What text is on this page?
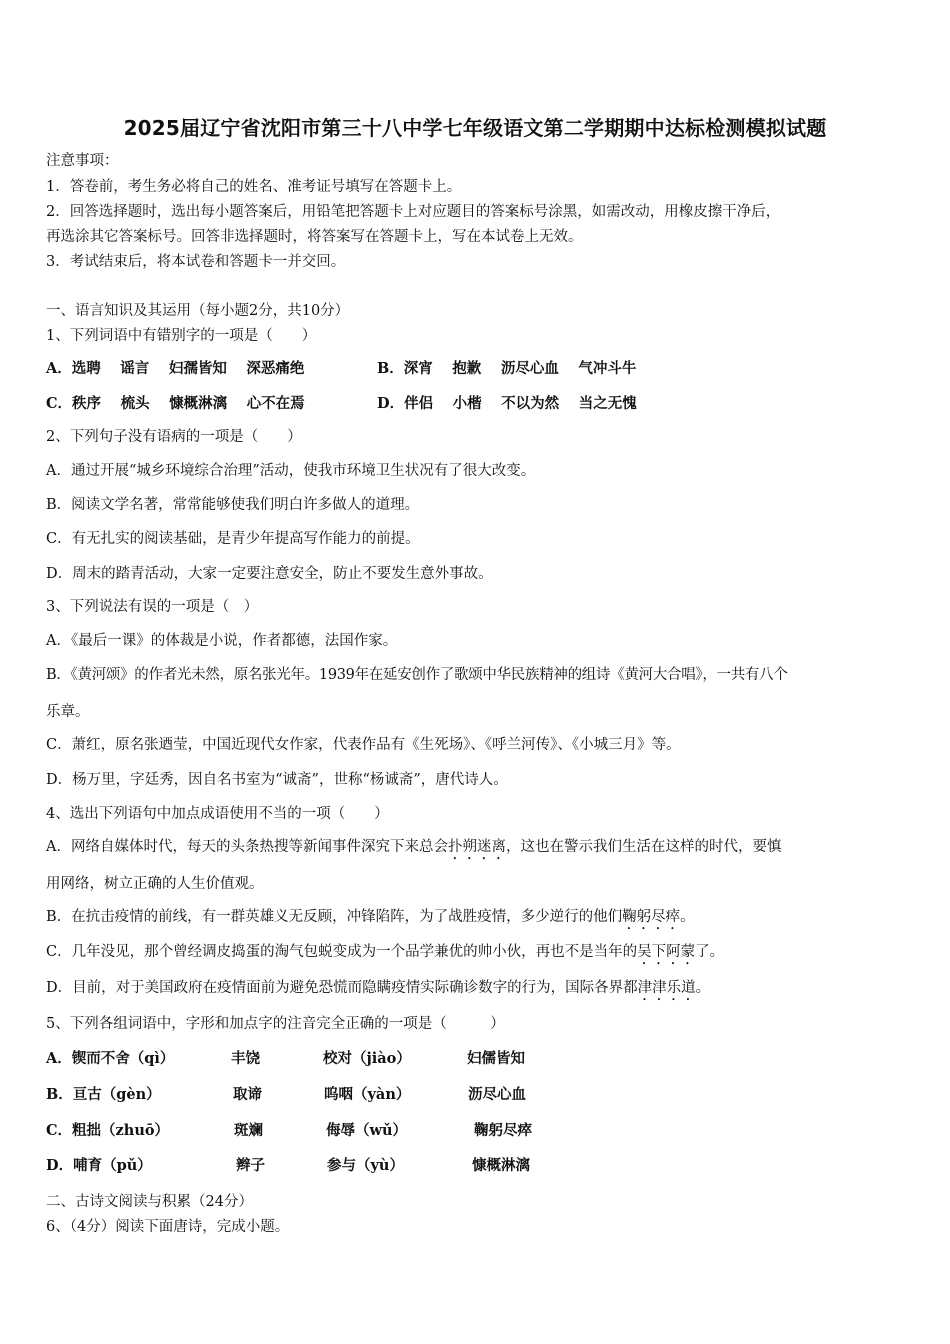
2025届辽宁省沈阳市第三十八中学七年级语文第二学期期中达标检测模拟试题
注意事项：
1．答卷前，考生务必将自己的姓名、准考证号填写在答题卡上。
2．回答选择题时，选出每小题答案后，用铅笔把答题卡上对应题目的答案标号涂黑，如需改动，用橡皮擦干净后，
再选涂其它答案标号。回答非选择题时，将答案写在答题卡上，写在本试卷上无效。
3．考试结束后，将本试卷和答题卡一并交回。
一、语言知识及其运用（每小题2分，共10分）
1、下列词语中有错别字的一项是（　　）
A．选聘　 谣言　 妇孺皆知　 深恶痛绝	B．深宵　 抱歉　 沥尽心血　 气冲斗牛
C．秩序　 梳头　 慷概淋漓　 心不在焉	D．伴侣　 小楷　 不以为然　 当之无愧
2、下列句子没有语病的一项是（　　）
A．通过开展“城乡环境综合治理”活动，使我市环境卫生状况有了很大改变。
B．阅读文学名著，常常能够使我们明白许多做人的道理。
C．有无扎实的阅读基础，是青少年提高写作能力的前提。
D．周末的踏青活动，大家一定要注意安全，防止不要发生意外事故。
3、下列说法有误的一项是（　）
A．《最后一课》的体裁是小说，作者都德，法国作家。
B．《黄河颂》的作者光未然，原名张光年。1939年在延安创作了歌颂中华民族精神的组诗《黄河大合唱》，一共有八个
乐章。
C．萧红，原名张迺莹，中国近现代女作家，代表作品有《生死场》、《呼兰河传》、《小城三月》等。
D．杨万里，字廷秀，因自名书室为“诚斋”，世称“杨诚斋”，唐代诗人。
4、选出下列语句中加点成语使用不当的一项（　　）
A．网络自媒体时代，每天的头条热搜等新闻事件深究下来总会扑朔迷离，这也在警示我们生活在这样的时代，要慎
用网络，树立正确的人生价值观。
B．在抗击疫情的前线，有一群英雄义无反顾，冲锋陷阵，为了战胜疫情，多少逆行的他们鞠躬尽瘁。
C．几年没见，那个曾经调皮捣蛋的淘气包蜕变成为一个品学兼优的帅小伙，再也不是当年的吴下阿蒙了。
D．目前，对于美国政府在疫情面前为避免恐慌而隐瞒疫情实际确诊数字的行为，国际各界都津津乐道。
5、下列各组词语中，字形和加点字的注音完全正确的一项是（　　　）
A．锲而不舍（qì）	丰饶	校对（jiào）	妇儒皆知
B．亘古（gèn）	取谛	呜咽（yàn）	沥尽心血
C．粗拙（zhuō）	斑斓	侮辱（wǔ）	鞠躬尽瘁
D．哺育（pǔ）	辫子	参与（yù）	慷概淋漓
二、古诗文阅读与积累（24分）
6、（4分）阅读下面唐诗，完成小题。
